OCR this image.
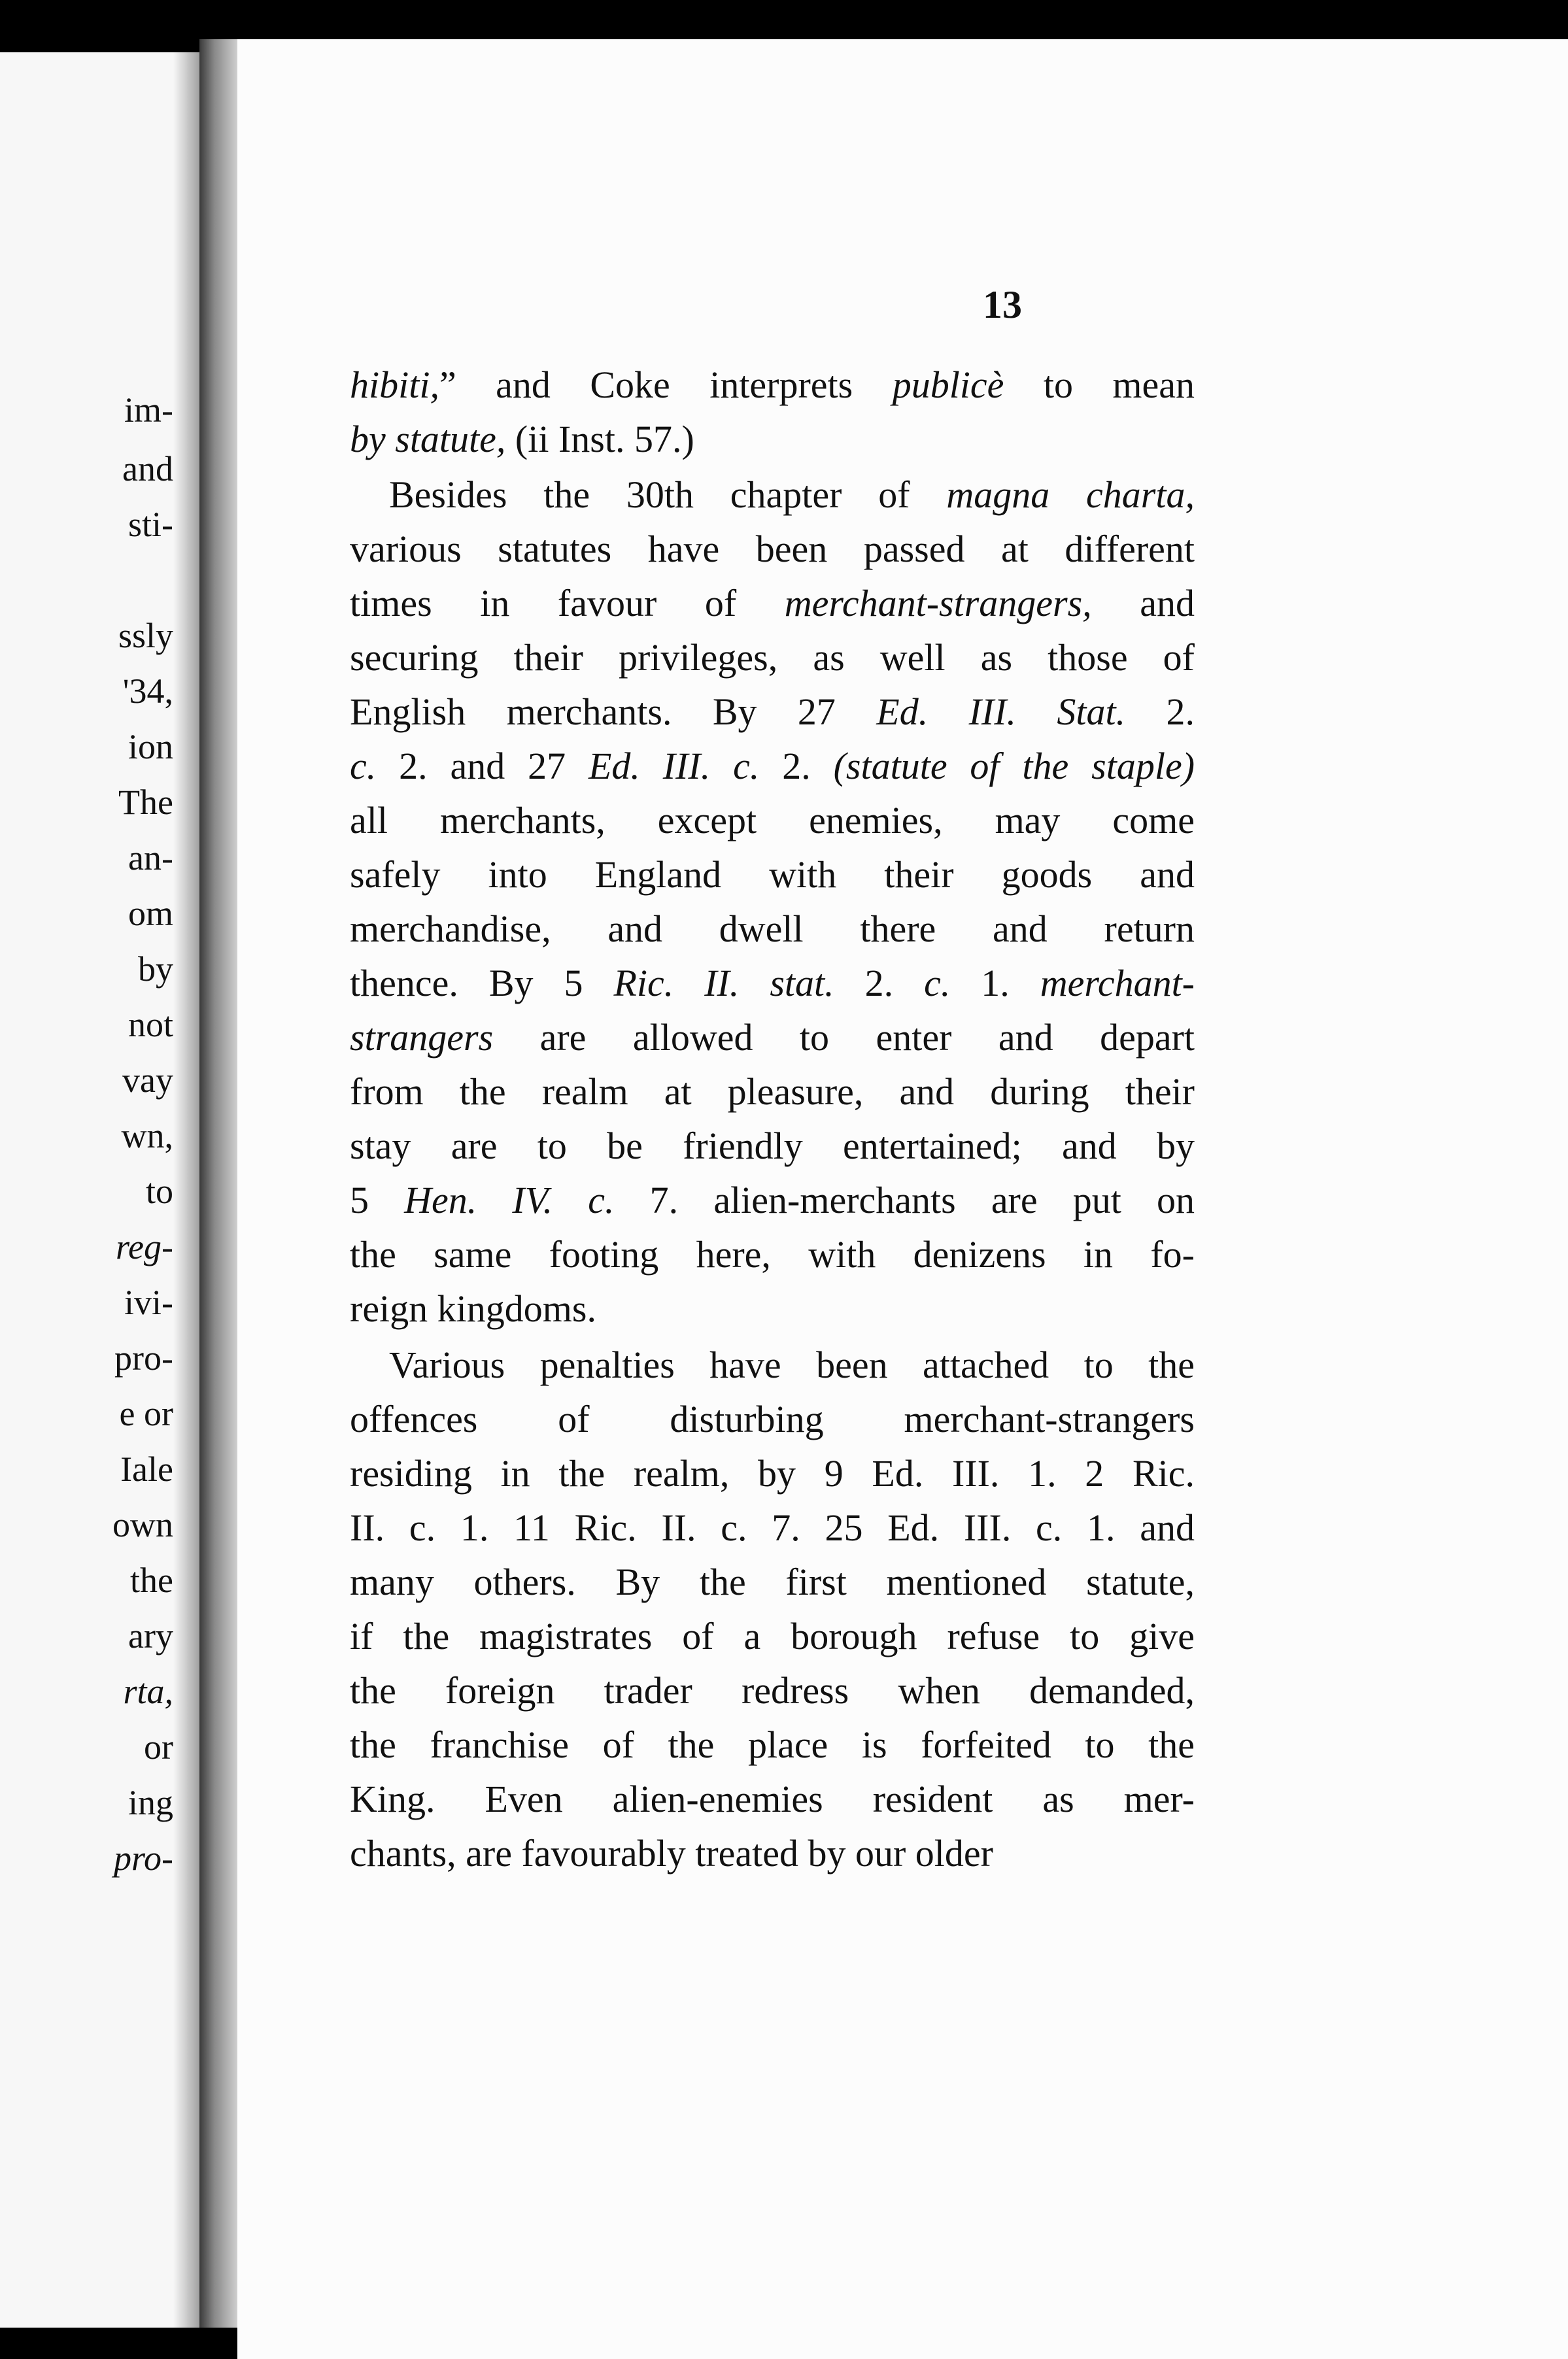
im-
and
sti-
ssly
'34,
ion
The
an-
om
by
not
vay
wn,
to
reg-
ivi-
pro-
e or
Iale
own
the
ary
rta,
or
ing
pro-
13
hibiti,” and Coke interprets publicè to mean
by statute, (ii Inst. 57.)
Besides the 30th chapter of magna charta,
various statutes have been passed at different
times in favour of merchant-strangers, and
securing their privileges, as well as those of
English merchants. By 27 Ed. III. Stat. 2.
c. 2. and 27 Ed. III. c. 2. (statute of the staple)
all merchants, except enemies, may come
safely into England with their goods and
merchandise, and dwell there and return
thence. By 5 Ric. II. stat. 2. c. 1. merchant-
strangers are allowed to enter and depart
from the realm at pleasure, and during their
stay are to be friendly entertained; and by
5 Hen. IV. c. 7. alien-merchants are put on
the same footing here, with denizens in fo-
reign kingdoms.
Various penalties have been attached to the
offences of disturbing merchant-strangers
residing in the realm, by 9 Ed. III. 1. 2 Ric.
II. c. 1. 11 Ric. II. c. 7. 25 Ed. III. c. 1. and
many others. By the first mentioned statute,
if the magistrates of a borough refuse to give
the foreign trader redress when demanded,
the franchise of the place is forfeited to the
King. Even alien-enemies resident as mer-
chants, are favourably treated by our older
